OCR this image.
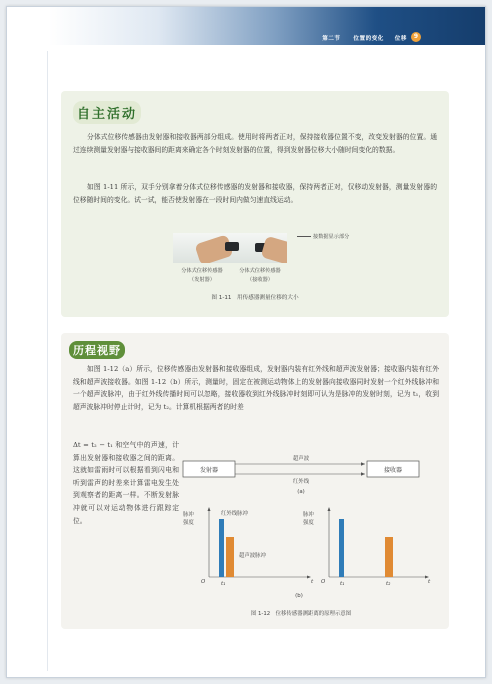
第二节 位置的变化 位移	9
自主活动

分体式位移传感器由发射器和接收器两部分组成。使用时将两者正对，保持接收器位置不变，改变发射器的位置。通过连续测量发射器与接收器间的距离来确定各个时刻发射器的位置，得到发射器位移大小随时间变化的数据。

如图 1-11 所示，双手分别拿着分体式位移传感器的发射器和接收器，保持两者正对，仅移动发射器，测量发射器的位移随时间的变化。试一试，能否使发射器在一段时间内做匀速直线运动。

接数据显示部分
分体式位移传感器
（发射器）
分体式位移传感器
（接收器）
图 1-11　用传感器测量位移的大小
历程视野

如图 1-12（a）所示，位移传感器由发射器和接收器组成，发射器内装有红外线和超声波发射器；接收器内装有红外线和超声波接收器。如图 1-12（b）所示，测量时，固定在被测运动物体上的发射器向接收器同时发射一个红外线脉冲和一个超声波脉冲，由于红外线传播时间可以忽略，接收器收到红外线脉冲时刻即可认为是脉冲的发射时刻，记为 t₁，收到超声波脉冲时停止计时，记为 t₂。计算机根据两者的时差

Δt = t₂ − t₁ 和空气中的声速，计算出发射器和接收器之间的距离。这就如雷雨时可以根据看到闪电和听到雷声的时差来计算雷电发生处到观察者的距离一样。不断发射脉冲就可以对运动物体进行跟踪定位。

发射器	接收器
超声波
红外线
(a)
脉冲
强度
红外线脉冲
超声波脉冲
O	t₁	t
脉冲
强度
O	t₁	t₂	t
(b)
图 1-12　位移传感器测距离的原理示意图
